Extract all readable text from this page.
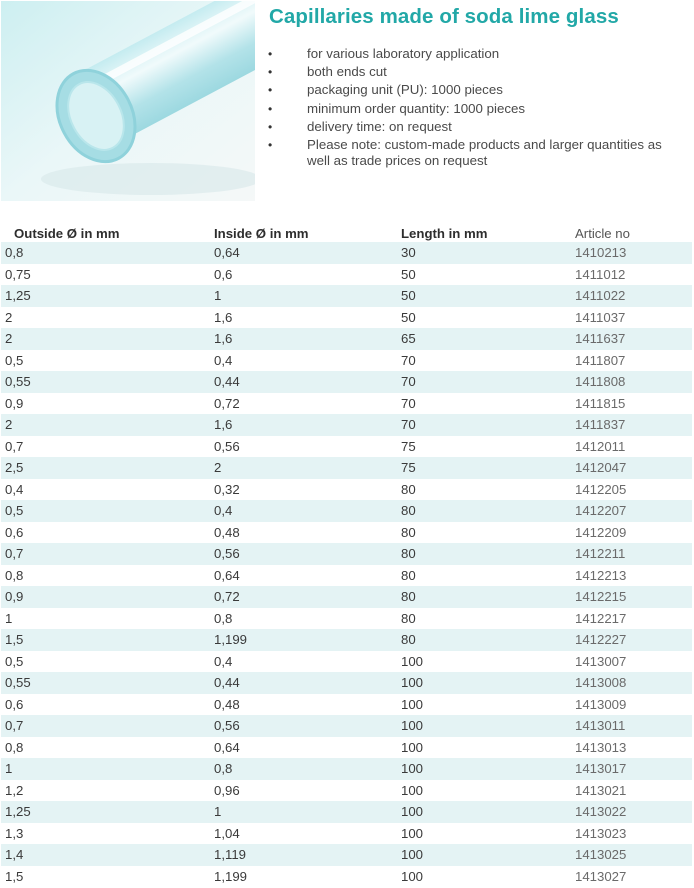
Capillaries made of soda lime glass
•	for various laboratory application
•	both ends cut
•	packaging unit (PU): 1000 pieces
•	minimum order quantity: 1000 pieces
•	delivery time: on request
•	Please note: custom-made products and larger quantities as well as trade prices on request
Outside Ø in mm	Inside Ø in mm	Length in mm	Article no
0,8	0,64	30	1410213
0,75	0,6	50	1411012
1,25	1	50	1411022
2	1,6	50	1411037
2	1,6	65	1411637
0,5	0,4	70	1411807
0,55	0,44	70	1411808
0,9	0,72	70	1411815
2	1,6	70	1411837
0,7	0,56	75	1412011
2,5	2	75	1412047
0,4	0,32	80	1412205
0,5	0,4	80	1412207
0,6	0,48	80	1412209
0,7	0,56	80	1412211
0,8	0,64	80	1412213
0,9	0,72	80	1412215
1	0,8	80	1412217
1,5	1,199	80	1412227
0,5	0,4	100	1413007
0,55	0,44	100	1413008
0,6	0,48	100	1413009
0,7	0,56	100	1413011
0,8	0,64	100	1413013
1	0,8	100	1413017
1,2	0,96	100	1413021
1,25	1	100	1413022
1,3	1,04	100	1413023
1,4	1,119	100	1413025
1,5	1,199	100	1413027
